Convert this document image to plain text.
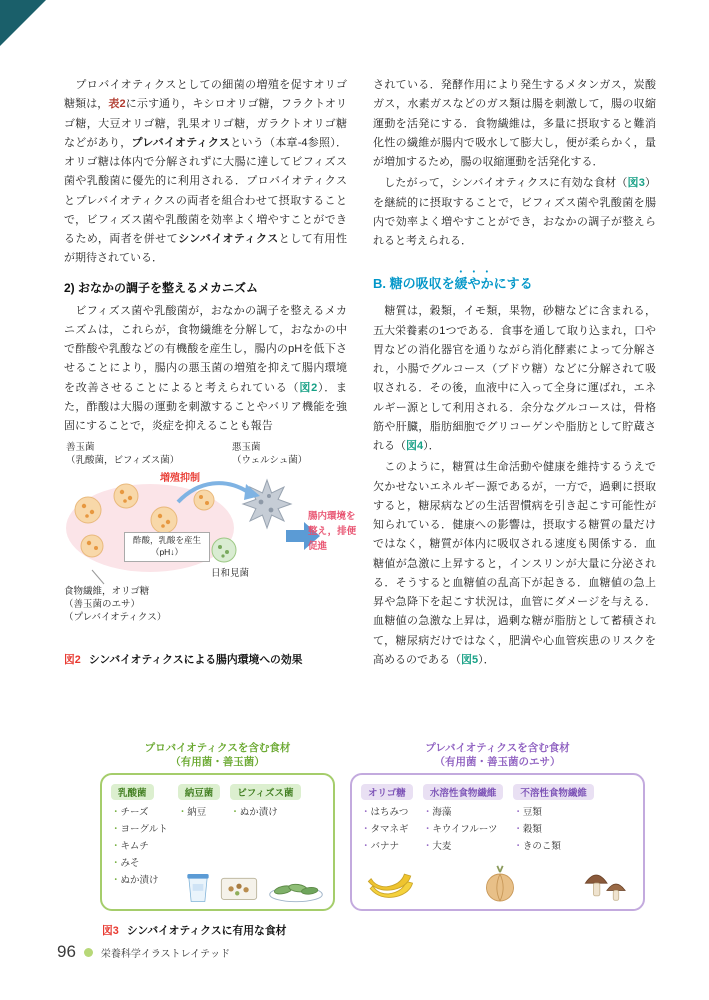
　プロバイオティクスとしての細菌の増殖を促すオリゴ糖類は，表2に示す通り，キシロオリゴ糖，フラクトオリゴ糖，大豆オリゴ糖，乳果オリゴ糖，ガラクトオリゴ糖などがあり，プレバイオティクスという（本章-4参照）．オリゴ糖は体内で分解されずに大腸に達してビフィズス菌や乳酸菌に優先的に利用される．プロバイオティクスとプレバイオティクスの両者を組合わせて摂取することで，ビフィズス菌や乳酸菌を効率よく増やすことができるため，両者を併せてシンバイオティクスとして有用性が期待されている．

2) おなかの調子を整えるメカニズム

　ビフィズス菌や乳酸菌が，おなかの調子を整えるメカニズムは，これらが，食物繊維を分解して，おなかの中で酢酸や乳酸などの有機酸を産生し，腸内のpHを低下させることにより，腸内の悪玉菌の増殖を抑えて腸内環境を改善させることによると考えられている（図2）．また，酢酸は大腸の運動を刺激することやバリア機能を強固にすることで，炎症を抑えることも報告

善玉菌
（乳酸菌，ビフィズス菌）
悪玉菌
（ウェルシュ菌）
増殖抑制
酢酸，乳酸を産生（pH↓）
日和見菌
腸内環境を整え，排便促進
食物繊維，オリゴ糖
（善玉菌のエサ）
（プレバイオティクス）
図2 シンバイオティクスによる腸内環境への効果

されている．発酵作用により発生するメタンガス，炭酸ガス，水素ガスなどのガス類は腸を刺激して，腸の収縮運動を活発にする．食物繊維は，多量に摂取すると難消化性の繊維が腸内で吸水して膨大し，便が柔らかく，量が増加するため，腸の収縮運動を活発化する．

　したがって，シンバイオティクスに有効な食材（図3）を継続的に摂取することで，ビフィズス菌や乳酸菌を腸内で効率よく増やすことができ，おなかの調子が整えられると考えられる．

B. 糖の吸収を緩やかにする

　糖質は，穀類，イモ類，果物，砂糖などに含まれる，五大栄養素の1つである．食事を通して取り込まれ，口や胃などの消化器官を通りながら消化酵素によって分解され，小腸でグルコース（ブドウ糖）などに分解されて吸収される．その後，血液中に入って全身に運ばれ，エネルギー源として利用される．余分なグルコースは，骨格筋や肝臓，脂肪細胞でグリコーゲンや脂肪として貯蔵される（図4）．

　このように，糖質は生命活動や健康を維持するうえで欠かせないエネルギー源であるが，一方で，過剰に摂取すると，糖尿病などの生活習慣病を引き起こす可能性が知られている．健康への影響は，摂取する糖質の量だけではなく，糖質が体内に吸収される速度も関係する．血糖値が急激に上昇すると，インスリンが大量に分泌される．そうすると血糖値の乱高下が起きる．血糖値の急上昇や急降下を起こす状況は，血管にダメージを与える．血糖値の急激な上昇は，過剰な糖が脂肪として蓄積されて，糖尿病だけではなく，肥満や心血管疾患のリスクを高めるのである（図5）．

プロバイオティクスを含む食材
（有用菌・善玉菌）
乳酸菌
・ チーズ
・ ヨーグルト
・ キムチ
・ みそ
・ ぬか漬け
納豆菌
・ 納豆
ビフィズス菌
・ ぬか漬け
プレバイオティクスを含む食材
（有用菌・善玉菌のエサ）
オリゴ糖
・ はちみつ
・ タマネギ
・ バナナ
水溶性食物繊維
・ 海藻
・ キウイフルーツ
・ 大麦
不溶性食物繊維
・ 豆類
・ 穀類
・ きのこ類
図3 シンバイオティクスに有用な食材
96	栄養科学イラストレイテッド
